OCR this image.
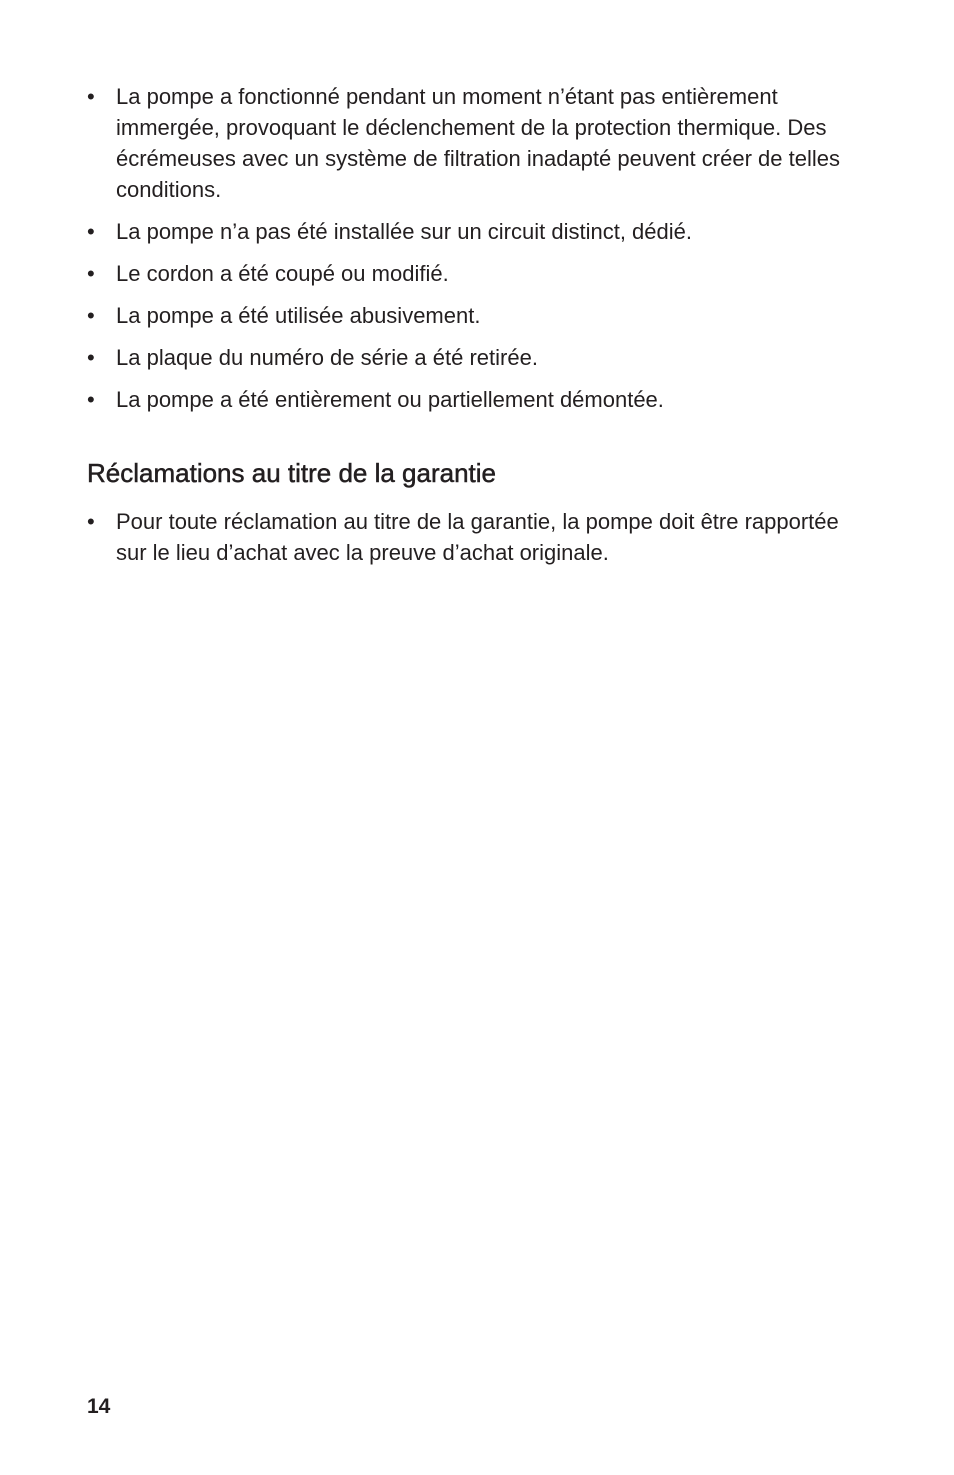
• La pompe a fonctionné pendant un moment n’étant pas entièrement immergée, provoquant le déclenchement de la protection thermique. Des écrémeuses avec un système de filtration inadapté peuvent créer de telles conditions.
• La pompe n’a pas été installée sur un circuit distinct, dédié.
• Le cordon a été coupé ou modifié.
• La pompe a été utilisée abusivement.
• La plaque du numéro de série a été retirée.
• La pompe a été entièrement ou partiellement démontée.
Réclamations au titre de la garantie
• Pour toute réclamation au titre de la garantie, la pompe doit être rapportée sur le lieu d’achat avec la preuve d’achat originale.
14
